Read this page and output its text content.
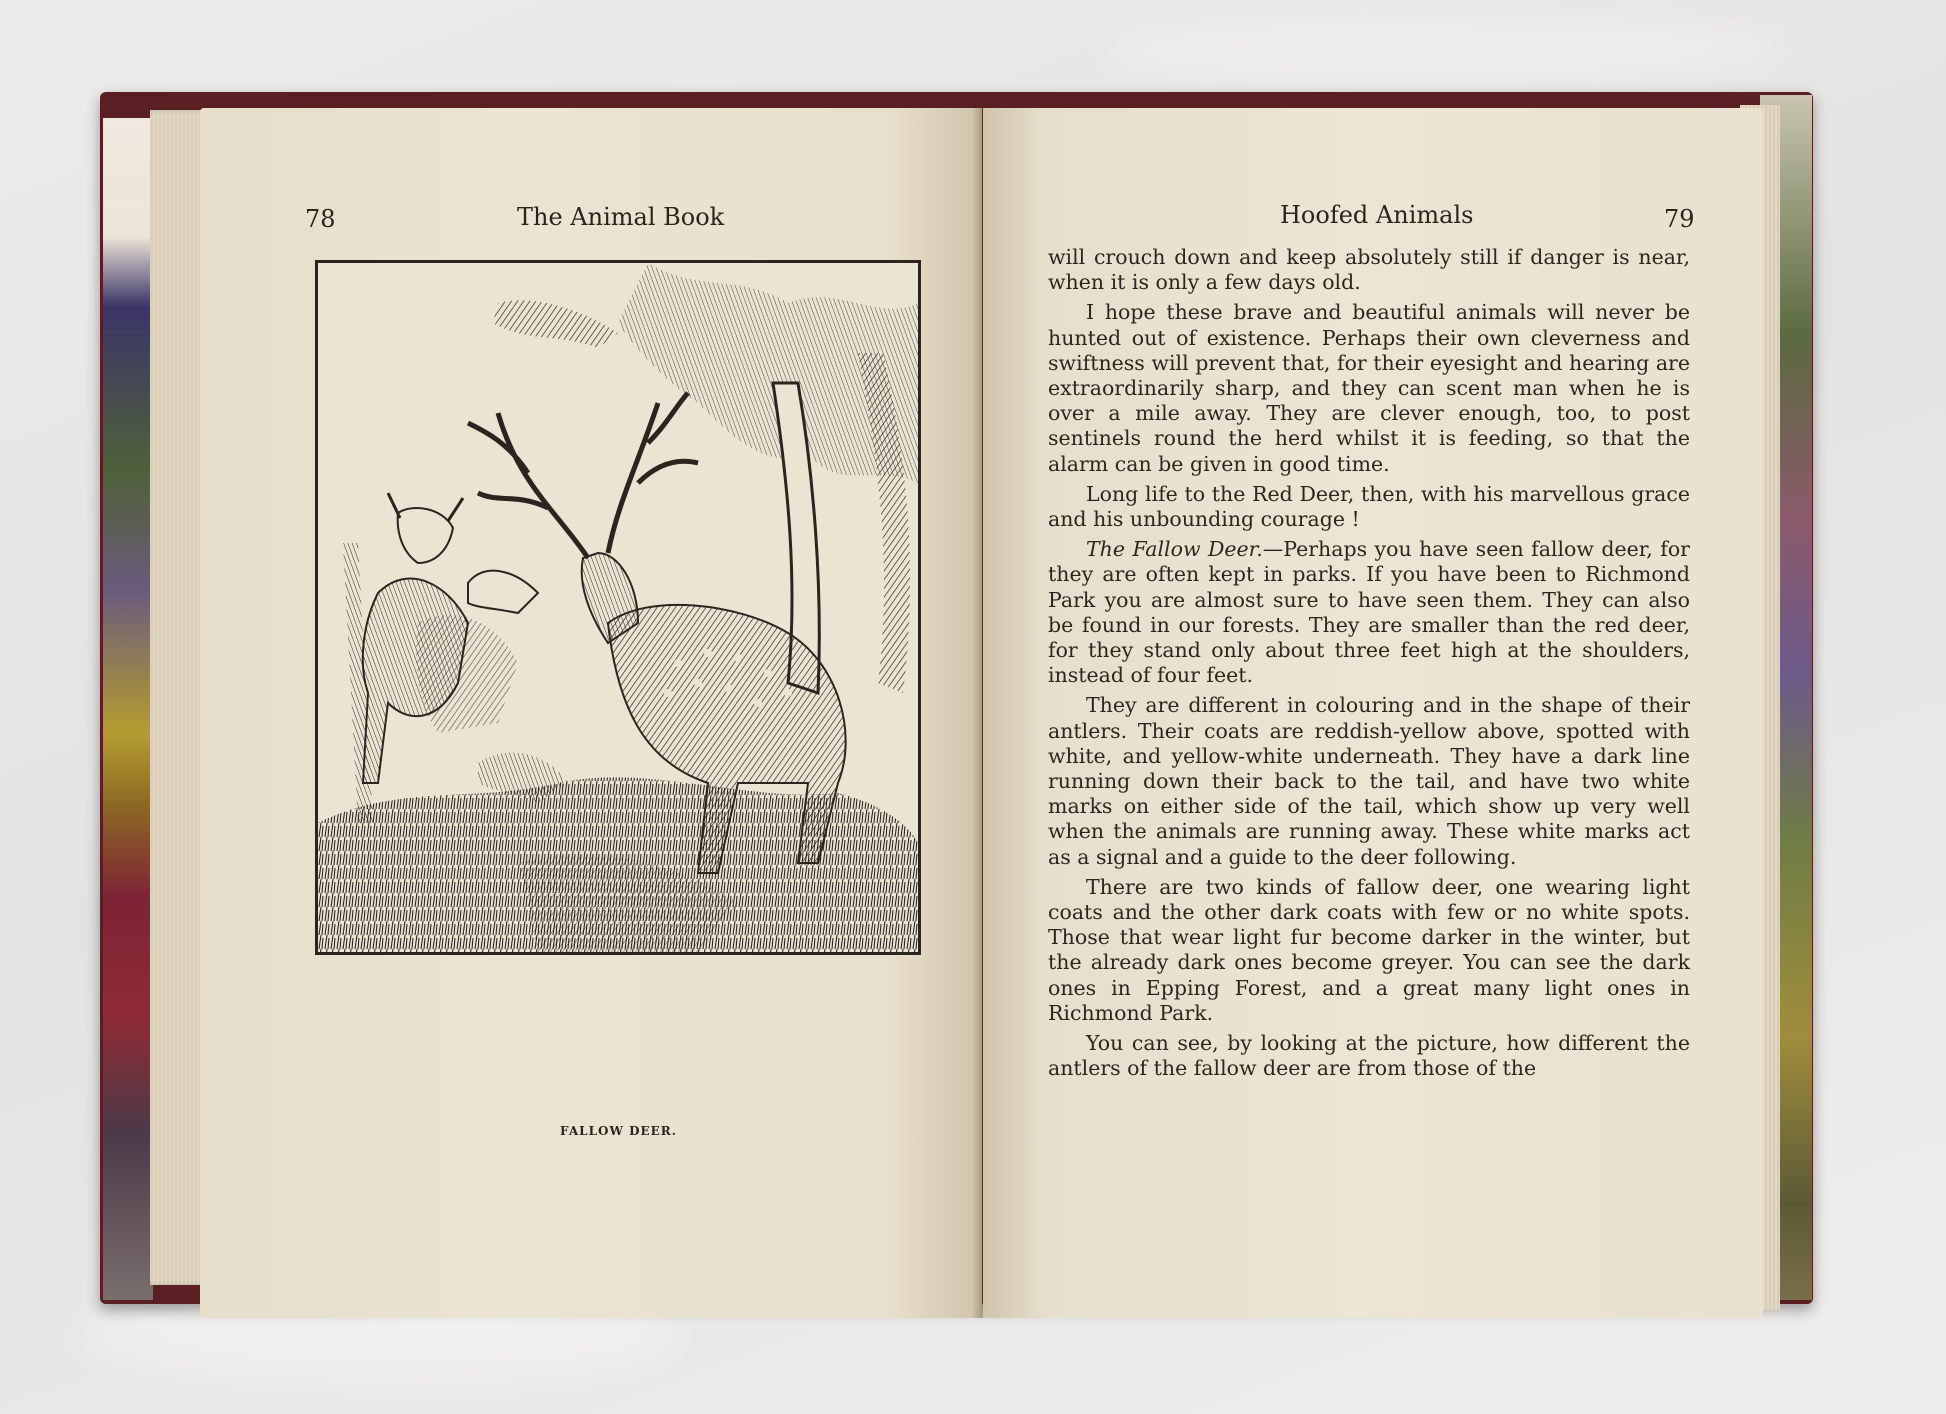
78	The Animal Book
FALLOW DEER.
Hoofed Animals	79

will crouch down and keep absolutely still if danger is near, when it is only a few days old.

I hope these brave and beautiful animals will never be hunted out of existence. Perhaps their own cleverness and swiftness will prevent that, for their eyesight and hearing are extraordinarily sharp, and they can scent man when he is over a mile away. They are clever enough, too, to post sentinels round the herd whilst it is feeding, so that the alarm can be given in good time.

Long life to the Red Deer, then, with his marvellous grace and his unbounding courage !

The Fallow Deer.—Perhaps you have seen fallow deer, for they are often kept in parks. If you have been to Richmond Park you are almost sure to have seen them. They can also be found in our forests. They are smaller than the red deer, for they stand only about three feet high at the shoulders, instead of four feet.

They are different in colouring and in the shape of their antlers. Their coats are reddish-yellow above, spotted with white, and yellow-white underneath. They have a dark line running down their back to the tail, and have two white marks on either side of the tail, which show up very well when the animals are running away. These white marks act as a signal and a guide to the deer following.

There are two kinds of fallow deer, one wearing light coats and the other dark coats with few or no white spots. Those that wear light fur become darker in the winter, but the already dark ones become greyer. You can see the dark ones in Epping Forest, and a great many light ones in Richmond Park.

You can see, by looking at the picture, how different the antlers of the fallow deer are from those of the
